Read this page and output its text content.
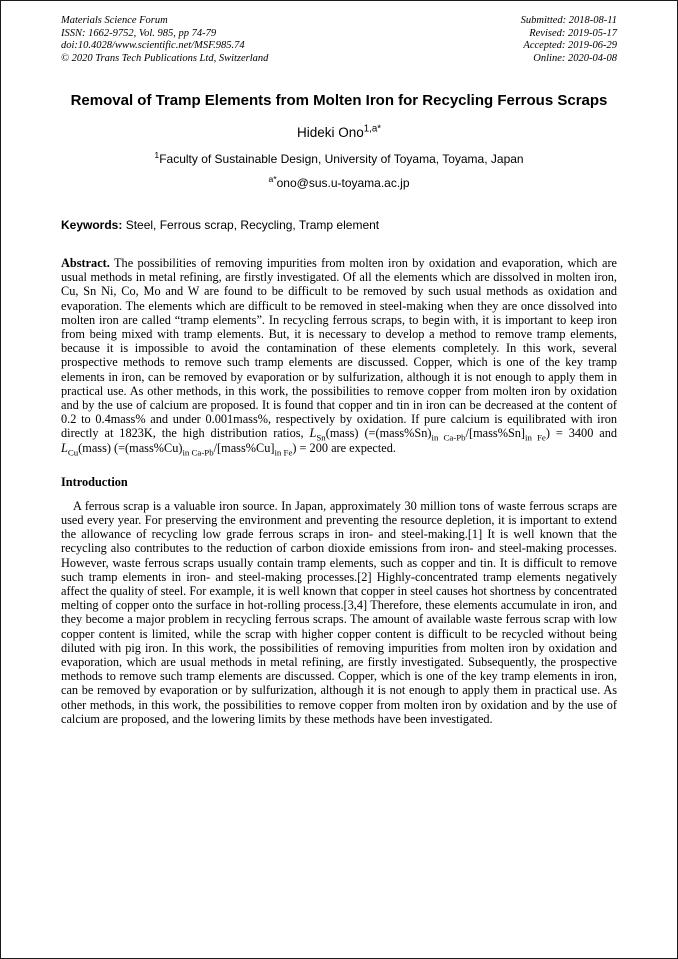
Materials Science Forum
ISSN: 1662-9752, Vol. 985, pp 74-79
doi:10.4028/www.scientific.net/MSF.985.74
© 2020 Trans Tech Publications Ltd, Switzerland
Submitted: 2018-08-11
Revised: 2019-05-17
Accepted: 2019-06-29
Online: 2020-04-08
Removal of Tramp Elements from Molten Iron for Recycling Ferrous Scraps
Hideki Ono$^{1,a*}$
$^1$Faculty of Sustainable Design, University of Toyama, Toyama, Japan
$^{a*}$ono@sus.u-toyama.ac.jp
Keywords: Steel, Ferrous scrap, Recycling, Tramp element
Abstract. The possibilities of removing impurities from molten iron by oxidation and evaporation, which are usual methods in metal refining, are firstly investigated. Of all the elements which are dissolved in molten iron, Cu, Sn Ni, Co, Mo and W are found to be difficult to be removed by such usual methods as oxidation and evaporation. The elements which are difficult to be removed in steel-making when they are once dissolved into molten iron are called “tramp elements”. In recycling ferrous scraps, to begin with, it is important to keep iron from being mixed with tramp elements. But, it is necessary to develop a method to remove tramp elements, because it is impossible to avoid the contamination of these elements completely. In this work, several prospective methods to remove such tramp elements are discussed. Copper, which is one of the key tramp elements in iron, can be removed by evaporation or by sulfurization, although it is not enough to apply them in practical use. As other methods, in this work, the possibilities to remove copper from molten iron by oxidation and by the use of calcium are proposed. It is found that copper and tin in iron can be decreased at the content of 0.2 to 0.4mass% and under 0.001mass%, respectively by oxidation. If pure calcium is equilibrated with iron directly at 1823K, the high distribution ratios, $L_{Sn}(mass)$ $(=(mass\%Sn)_{in Ca-Pb}/[mass\%Sn]_{in Fe}) = 3400$ and $L_{Cu}(mass)$ $(=(mass\%Cu)_{in Ca-Pb}/[mass\%Cu]_{in Fe}) = 200$ are expected.
Introduction
A ferrous scrap is a valuable iron source. In Japan, approximately 30 million tons of waste ferrous scraps are used every year. For preserving the environment and preventing the resource depletion, it is important to extend the allowance of recycling low grade ferrous scraps in iron- and steel-making.[1] It is well known that the recycling also contributes to the reduction of carbon dioxide emissions from iron- and steel-making processes. However, waste ferrous scraps usually contain tramp elements, such as copper and tin. It is difficult to remove such tramp elements in iron- and steel-making processes.[2] Highly-concentrated tramp elements negatively affect the quality of steel. For example, it is well known that copper in steel causes hot shortness by concentrated melting of copper onto the surface in hot-rolling process.[3,4] Therefore, these elements accumulate in iron, and they become a major problem in recycling ferrous scraps. The amount of available waste ferrous scrap with low copper content is limited, while the scrap with higher copper content is difficult to be recycled without being diluted with pig iron. In this work, the possibilities of removing impurities from molten iron by oxidation and evaporation, which are usual methods in metal refining, are firstly investigated. Subsequently, the prospective methods to remove such tramp elements are discussed. Copper, which is one of the key tramp elements in iron, can be removed by evaporation or by sulfurization, although it is not enough to apply them in practical use. As other methods, in this work, the possibilities to remove copper from molten iron by oxidation and by the use of calcium are proposed, and the lowering limits by these methods have been investigated.
